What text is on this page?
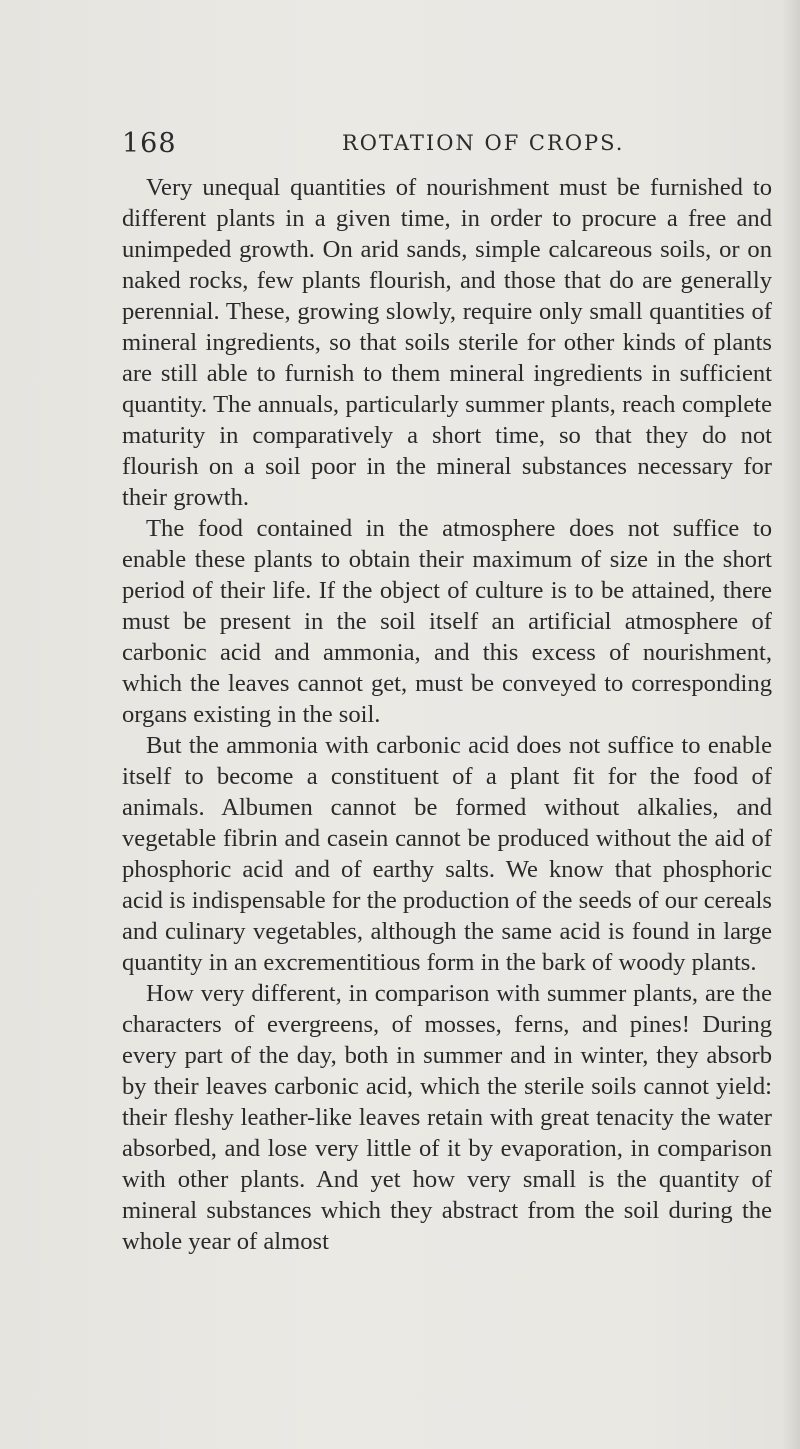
168	ROTATION OF CROPS.

Very unequal quantities of nourishment must be furnished to different plants in a given time, in order to procure a free and unimpeded growth. On arid sands, simple calcareous soils, or on naked rocks, few plants flourish, and those that do are generally perennial. These, growing slowly, require only small quantities of mineral ingredients, so that soils sterile for other kinds of plants are still able to furnish to them mineral ingredients in sufficient quantity. The annuals, particularly summer plants, reach complete maturity in comparatively a short time, so that they do not flourish on a soil poor in the mineral substances necessary for their growth.

The food contained in the atmosphere does not suffice to enable these plants to obtain their maximum of size in the short period of their life. If the object of culture is to be attained, there must be present in the soil itself an artificial atmosphere of carbonic acid and ammonia, and this excess of nourishment, which the leaves cannot get, must be conveyed to corresponding organs existing in the soil.

But the ammonia with carbonic acid does not suffice to enable itself to become a constituent of a plant fit for the food of animals. Albumen cannot be formed without alkalies, and vegetable fibrin and casein cannot be produced without the aid of phosphoric acid and of earthy salts. We know that phosphoric acid is indispensable for the production of the seeds of our cereals and culinary vegetables, although the same acid is found in large quantity in an excrementitious form in the bark of woody plants.

How very different, in comparison with summer plants, are the characters of evergreens, of mosses, ferns, and pines! During every part of the day, both in summer and in winter, they absorb by their leaves carbonic acid, which the sterile soils cannot yield: their fleshy leather-like leaves retain with great tenacity the water absorbed, and lose very little of it by evaporation, in comparison with other plants. And yet how very small is the quantity of mineral substances which they abstract from the soil during the whole year of almost
